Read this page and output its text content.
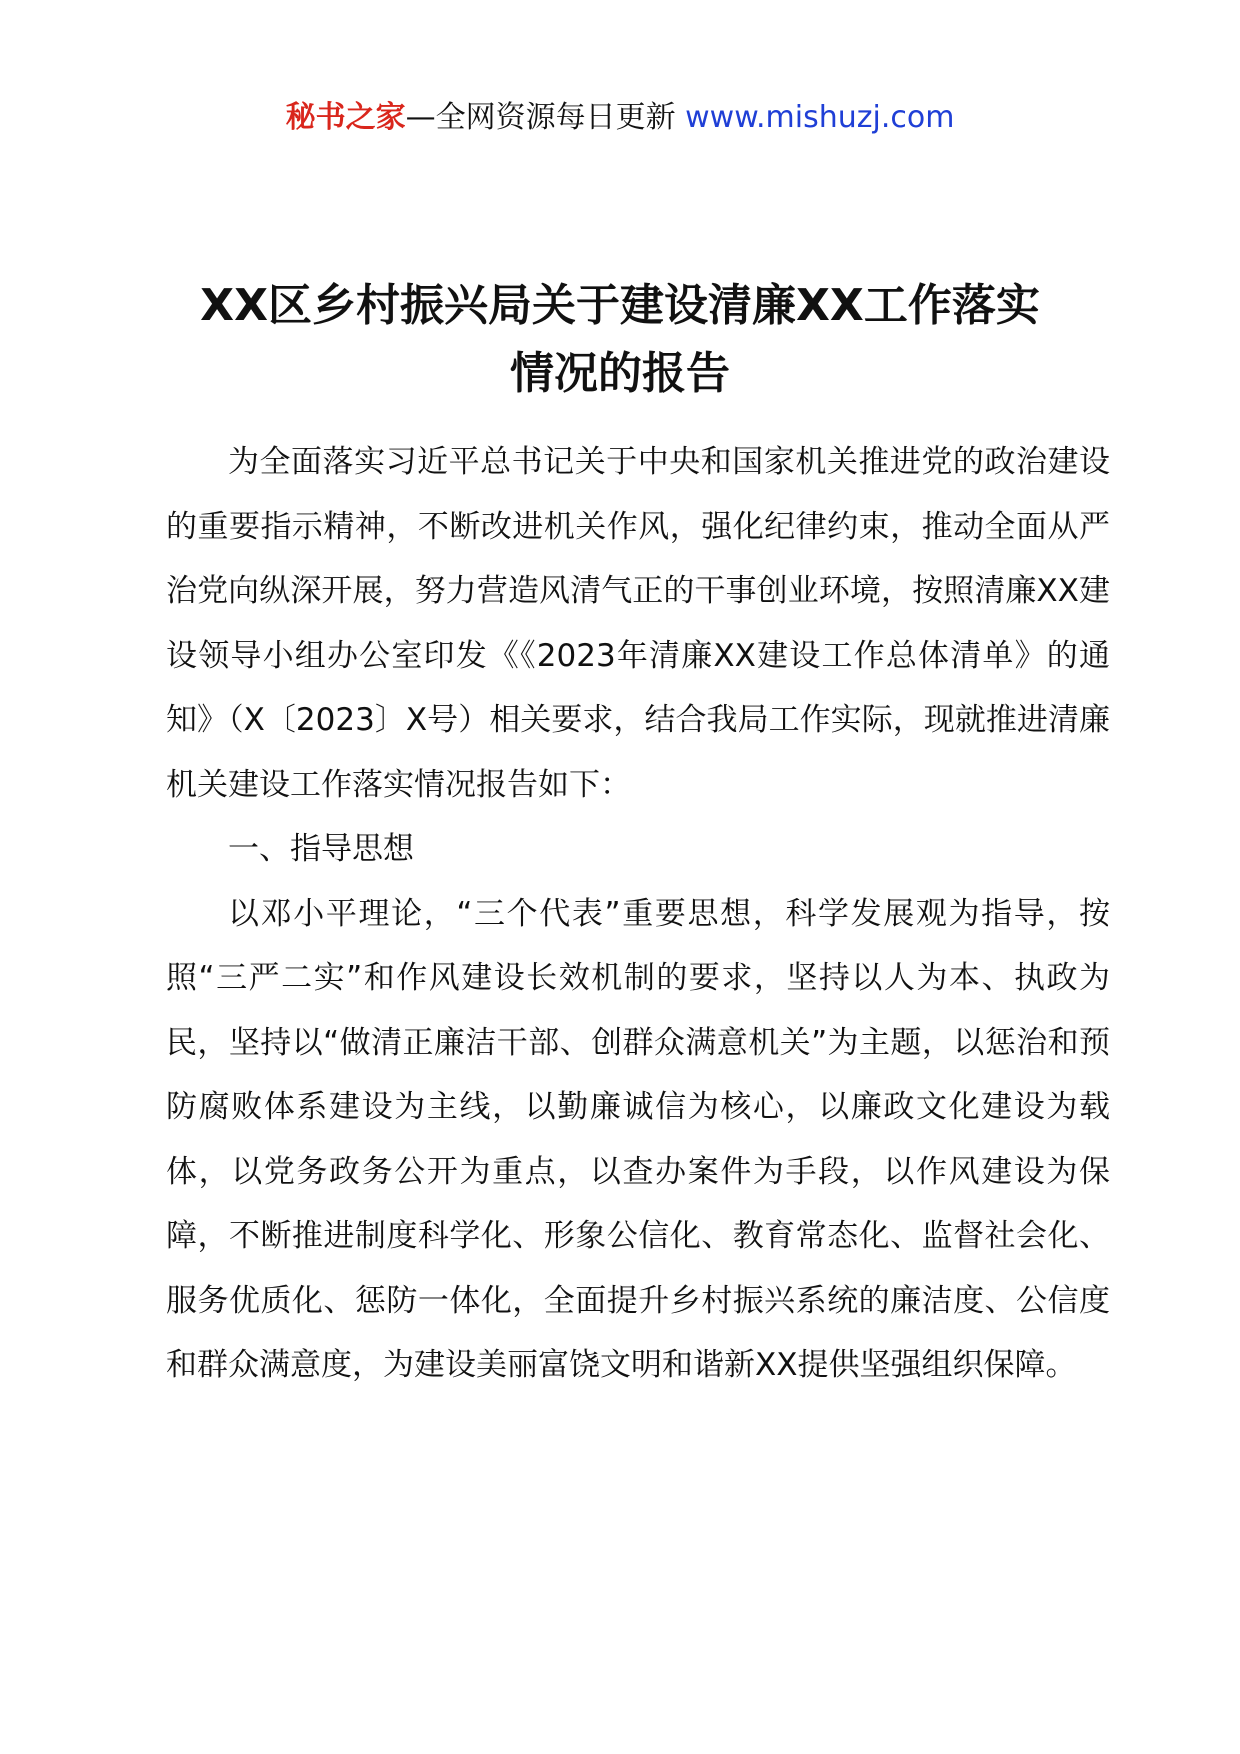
秘书之家—全网资源每日更新 www.mishuzj.com
XX区乡村振兴局关于建设清廉XX工作落实
情况的报告

为全面落实习近平总书记关于中央和国家机关推进党的政治建设的重要指示精神，不断改进机关作风，强化纪律约束，推动全面从严治党向纵深开展，努力营造风清气正的干事创业环境，按照清廉XX建设领导小组办公室印发《《2023年清廉XX建设工作总体清单》的通知》（X〔2023〕X号）相关要求，结合我局工作实际，现就推进清廉机关建设工作落实情况报告如下：

一、指导思想

以邓小平理论，“三个代表”重要思想，科学发展观为指导，按照“三严二实”和作风建设长效机制的要求，坚持以人为本、执政为民，坚持以“做清正廉洁干部、创群众满意机关”为主题，以惩治和预防腐败体系建设为主线，以勤廉诚信为核心，以廉政文化建设为载体，以党务政务公开为重点，以查办案件为手段，以作风建设为保障，不断推进制度科学化、形象公信化、教育常态化、监督社会化、服务优质化、惩防一体化，全面提升乡村振兴系统的廉洁度、公信度和群众满意度，为建设美丽富饶文明和谐新XX提供坚强组织保障。
